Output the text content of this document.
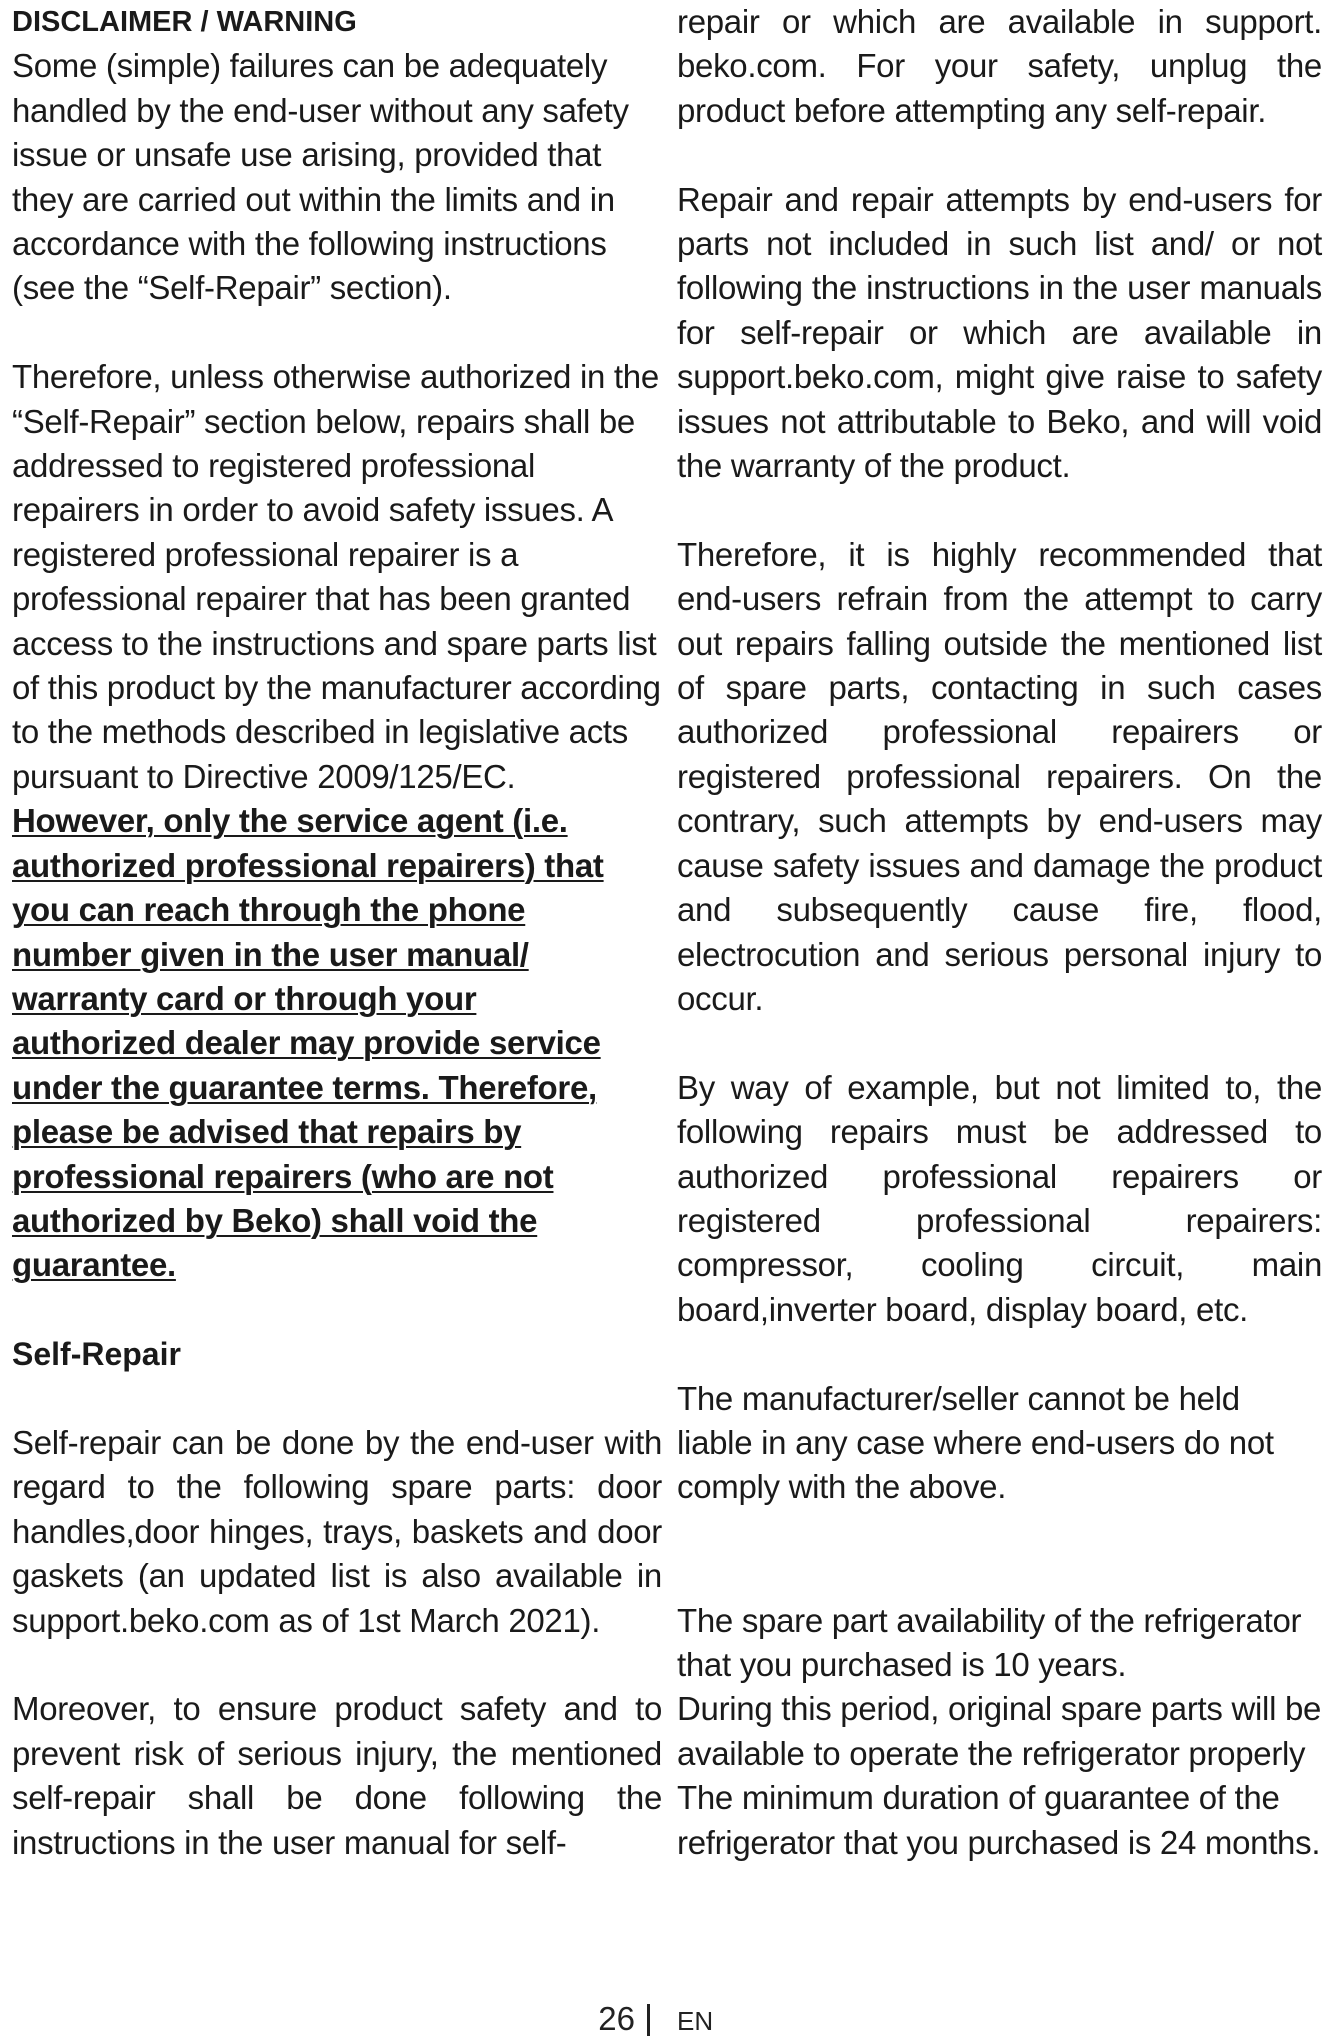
DISCLAIMER / WARNING

Some (simple) failures can be adequately handled by the end-user without any safety issue or unsafe use arising, provided that they are carried out within the limits and in accordance with the following instructions (see the “Self-Repair” section).

Therefore, unless otherwise authorized in the “Self-Repair” section below, repairs shall be addressed to registered professional repairers in order to avoid safety issues. A registered professional repairer is a professional repairer that has been granted access to the instructions and spare parts list of this product by the manufacturer according to the methods described in legislative acts pursuant to Directive 2009/125/EC.

However, only the service agent (i.e. authorized professional repairers) that you can reach through the phone number given in the user manual/ warranty card or through your authorized dealer may provide service under the guarantee terms. Therefore, please be advised that repairs by professional repairers (who are not authorized by Beko) shall void the guarantee.

Self-Repair

Self-repair can be done by the end-user with regard to the following spare parts: door handles,door hinges, trays, baskets and door gaskets (an updated list is also available in support.beko.com as of 1st March 2021).

Moreover, to ensure product safety and to prevent risk of serious injury, the mentioned self-repair shall be done following the instructions in the user manual for self-

repair or which are available in support. beko.com. For your safety, unplug the product before attempting any self-repair.

Repair and repair attempts by end-users for parts not included in such list and/ or not following the instructions in the user manuals for self-repair or which are available in support.beko.com, might give raise to safety issues not attributable to Beko, and will void the warranty of the product.

Therefore, it is highly recommended that end-users refrain from the attempt to carry out repairs falling outside the mentioned list of spare parts, contacting in such cases authorized professional repairers or registered professional repairers. On the contrary, such attempts by end-users may cause safety issues and damage the product and subsequently cause fire, flood, electrocution and serious personal injury to occur.

By way of example, but not limited to, the following repairs must be addressed to authorized professional repairers or registered professional repairers: compressor, cooling circuit, main board,inverter board, display board, etc.

The manufacturer/seller cannot be held liable in any case where end-users do not comply with the above.

The spare part availability of the refrigerator that you purchased is 10 years.

During this period, original spare parts will be available to operate the refrigerator properly

The minimum duration of guarantee of the refrigerator that you purchased is 24 months.

26 EN
